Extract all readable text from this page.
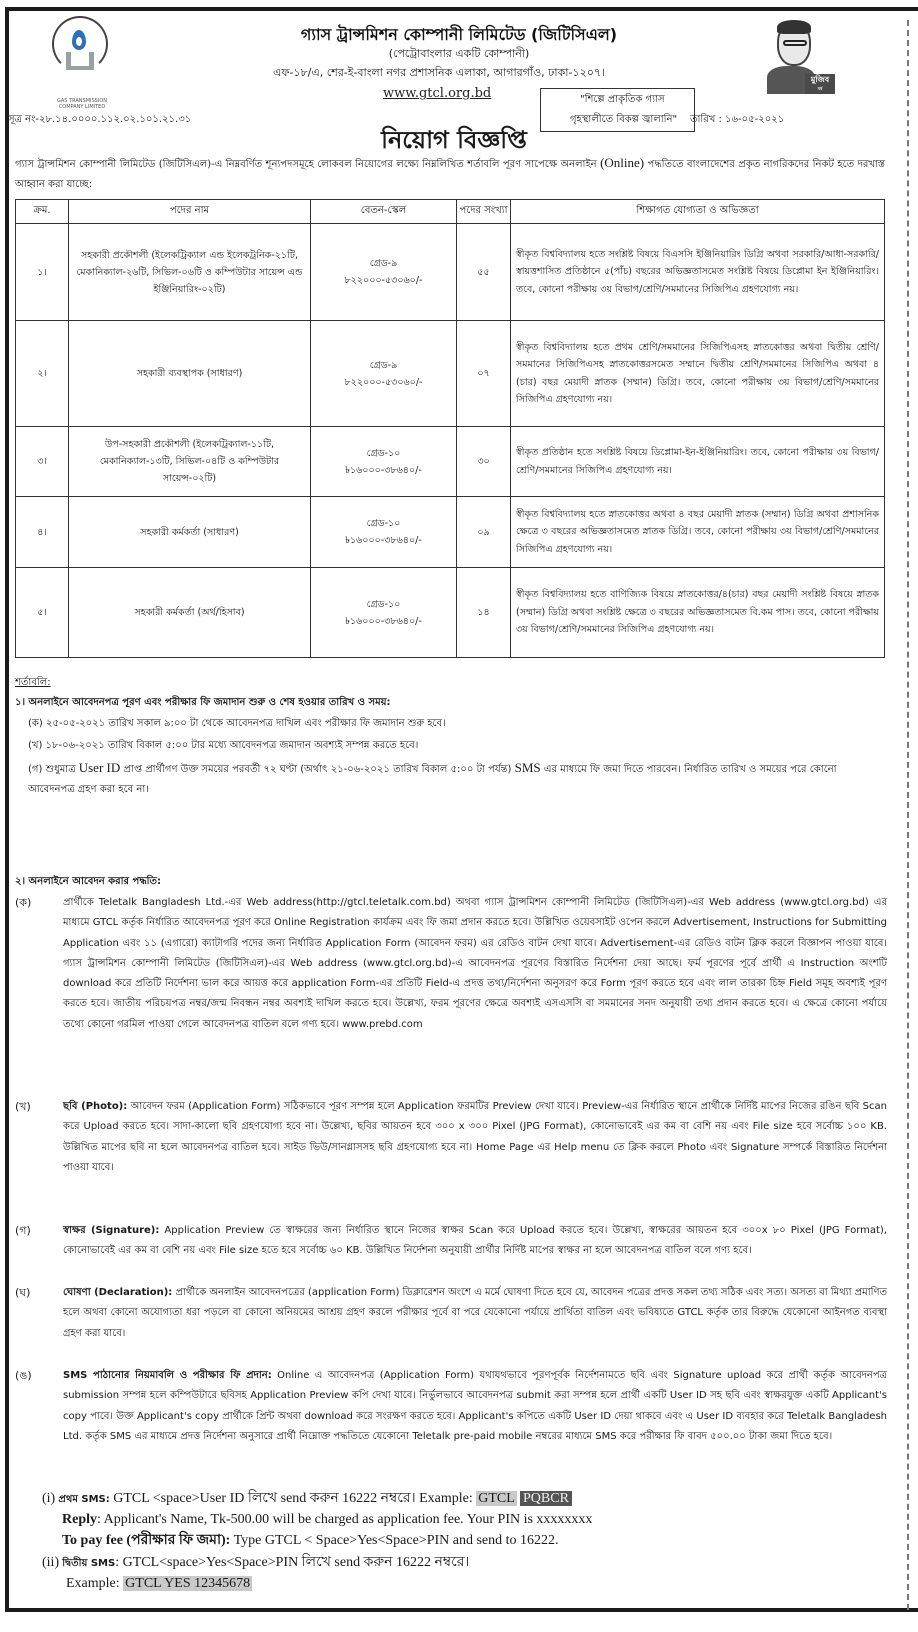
GAS TRANSMISSION
COMPANY LIMITED
গ্যাস ট্রান্সমিশন কোম্পানী লিমিটেড (জিটিসিএল)
(পেট্রোবাংলার একটি কোম্পানী)
এফ-১৮/এ, শের-ই-বাংলা নগর প্রশাসনিক এলাকা, আগারগাঁও, ঢাকা-১২০৭।
www.gtcl.org.bd
মুজিব
বর্ষ
"শিল্পে প্রাকৃতিক গ্যাস
গৃহস্থালীতে বিকল্প জ্বালানি" তারিখ : ১৬-০৫-২০২১
সূত্র নং-২৮.১৪.০০০০.১১২.০২.১০১.২১.৩১
নিয়োগ বিজ্ঞপ্তি
গ্যাস ট্রান্সমিশন কোম্পানী লিমিটেড (জিটিসিএল)-এ নিম্নবর্ণিত শূন্যপদসমূহে লোকবল নিয়োগের লক্ষ্যে নিম্নলিখিত শর্তাবলি পূরণ সাপেক্ষে অনলাইন (Online) পদ্ধতিতে বাংলাদেশের প্রকৃত নাগরিকদের নিকট হতে দরখাস্ত আহ্বান করা যাচ্ছে:
ক্রম.	পদের নাম	বেতন-স্কেল	পদের সংখ্যা	শিক্ষাগত যোগ্যতা ও অভিজ্ঞতা
১।	সহকারী প্রকৌশলী (ইলেকট্রিক্যাল এন্ড ইলেকট্রনিক-২১টি, মেকানিক্যাল-২৬টি, সিভিল-০৬টি ও কম্পিউটার সায়েন্স এন্ড ইঞ্জিনিয়ারিং-০২টি)	গ্রেড-৯
৮২২০০০-৫৩০৬০/-	৫৫	স্বীকৃত বিশ্ববিদ্যালয় হতে সংশ্লিষ্ট বিষয়ে বিএসসি ইঞ্জিনিয়ারিং ডিগ্রি অথবা সরকারি/আধা-সরকারি/স্বায়ত্তশাসিত প্রতিষ্ঠানে ৫(পাঁচ) বছরের অভিজ্ঞতাসমেত সংশ্লিষ্ট বিষয়ে ডিপ্লোমা ইন ইঞ্জিনিয়ারিং। তবে, কোনো পরীক্ষায় ৩য় বিভাগ/শ্রেণি/সমমানের সিজিপিএ গ্রহণযোগ্য নয়।
২।	সহকারী ব্যবস্থাপক (সাধারণ)	গ্রেড-৯
৮২২০০০-৫৩০৬০/-	০৭	স্বীকৃত বিশ্ববিদ্যালয় হতে প্রথম শ্রেণি/সমমানের সিজিপিএসহ স্নাতকোত্তর অথবা দ্বিতীয় শ্রেণি/সমমানের সিজিপিএসহ স্নাতকোত্তরসমেত সম্মানে দ্বিতীয় শ্রেণি/সমমানের সিজিপিএ অথবা ৪ (চার) বছর মেয়াদী স্নাতক (সম্মান) ডিগ্রি। তবে, কোনো পরীক্ষায় ৩য় বিভাগ/শ্রেণি/সমমানের সিজিপিএ গ্রহণযোগ্য নয়।
৩।	উপ-সহকারী প্রকৌশলী (ইলেকট্রিক্যাল-১১টি, মেকানিক্যাল-১৩টি, সিভিল-০৪টি ও কম্পিউটার সায়েন্স-০২টি)	গ্রেড-১০
৳১৬০০০-৩৮৬৪০/-	৩০	স্বীকৃত প্রতিষ্ঠান হতে সংশ্লিষ্ট বিষয়ে ডিপ্লোমা-ইন-ইঞ্জিনিয়ারিং। তবে, কোনো পরীক্ষায় ৩য় বিভাগ/শ্রেণি/সমমানের সিজিপিএ গ্রহণযোগ্য নয়।
৪।	সহকারী কর্মকর্তা (সাধারণ)	গ্রেড-১০
৳১৬০০০-৩৮৬৪০/-	০৯	স্বীকৃত বিশ্ববিদ্যালয় হতে স্নাতকোত্তর অথবা ৪ বছর মেয়াদী স্নাতক (সম্মান) ডিগ্রি অথবা প্রশাসনিক ক্ষেত্রে ৩ বছরের অভিজ্ঞতাসমেত স্নাতক ডিগ্রি। তবে, কোনো পরীক্ষায় ৩য় বিভাগ/শ্রেণি/সমমানের সিজিপিএ গ্রহণযোগ্য নয়।
৫।	সহকারী কর্মকর্তা (অর্থ/হিসাব)	গ্রেড-১০
৳১৬০০০-৩৮৬৪০/-	১৪	স্বীকৃত বিশ্ববিদ্যালয় হতে বাণিজ্যিক বিষয়ে স্নাতকোত্তর/৪(চার) বছর মেয়াদী সংশ্লিষ্ট বিষয়ে স্নাতক (সম্মান) ডিগ্রি অথবা সংশ্লিষ্ট ক্ষেত্রে ৩ বছরের অভিজ্ঞতাসমেত বি.কম পাস। তবে, কোনো পরীক্ষায় ৩য় বিভাগ/শ্রেণি/সমমানের সিজিপিএ গ্রহণযোগ্য নয়।
শর্তাবলি:
১। অনলাইনে আবেদনপত্র পূরণ এবং পরীক্ষার ফি জমাদান শুরু ও শেষ হওয়ার তারিখ ও সময়:
(ক) ২৫-০৫-২০২১ তারিখ সকাল ৯:০০ টা থেকে আবেদনপত্র দাখিল এবং পরীক্ষার ফি জমাদান শুরু হবে।
(খ) ১৮-০৬-২০২১ তারিখ বিকাল ৫:০০ টার মধ্যে আবেদনপত্র জমাদান অবশ্যই সম্পন্ন করতে হবে।
(গ) শুধুমাত্র User ID প্রাপ্ত প্রার্থীগণ উক্ত সময়ের পরবর্তী ৭২ ঘণ্টা (অর্থাৎ ২১-০৬-২০২১ তারিখ বিকাল ৫:০০ টা পর্যন্ত) SMS এর মাধ্যমে ফি জমা দিতে পারবেন। নির্ধারিত তারিখ ও সময়ের পরে কোনো আবেদনপত্র গ্রহণ করা হবে না।
২। অনলাইনে আবেদন করার পদ্ধতি:
(ক)	প্রার্থীকে Teletalk Bangladesh Ltd.-এর Web address(http://gtcl.teletalk.com.bd) অথবা গ্যাস ট্রান্সমিশন কোম্পানী লিমিটেড (জিটিসিএল)-এর Web address (www.gtcl.org.bd) এর মাধ্যমে GTCL কর্তৃক নির্ধারিত আবেদনপত্র পূরণ করে Online Registration কার্যক্রম এবং ফি জমা প্রদান করতে হবে। উল্লিখিত ওয়েবসাইট ওপেন করলে Advertisement, Instructions for Submitting Application এবং ১১ (এগারো) ক্যাটাগরি পদের জন্য নির্ধারিত Application Form (আবেদন ফরম) এর রেডিও বাটন দেখা যাবে। Advertisement-এর রেডিও বাটন ক্লিক করলে বিজ্ঞাপন পাওয়া যাবে। গ্যাস ট্রান্সমিশন কোম্পানী লিমিটেড (জিটিসিএল)-এর Web address (www.gtcl.org.bd)-এ আবেদনপত্র পূরণের বিস্তারিত নির্দেশনা দেয়া আছে। ফর্ম পূরণের পূর্বে প্রার্থী এ Instruction অংশটি download করে প্রতিটি নির্দেশনা ভাল করে আয়ত্ত করে application Form-এর প্রতিটি Field-এ প্রদত্ত তথ্য/নির্দেশনা অনুসরণ করে Form পূরণ করতে হবে এবং লাল তারকা চিহ্ন Field সমূহ অবশ্যই পূরণ করতে হবে। জাতীয় পরিচয়পত্র নম্বর/জন্ম নিবন্ধন নম্বর অবশ্যই দাখিল করতে হবে। উল্লেখ্য, ফরম পূরণের ক্ষেত্রে অবশ্যই এসএসসি বা সমমানের সনদ অনুযায়ী তথ্য প্রদান করতে হবে। এ ক্ষেত্রে কোনো পর্যায়ে তথ্যে কোনো গরমিল পাওয়া গেলে আবেদনপত্র বাতিল বলে গণ্য হবে। www.prebd.com
(খ)	ছবি (Photo): আবেদন ফরম (Application Form) সঠিকভাবে পূরণ সম্পন্ন হলে Application ফরমটির Preview দেখা যাবে। Preview-এর নির্ধারিত স্থানে প্রার্থীকে নির্দিষ্ট মাপের নিজের রঙিন ছবি Scan করে Upload করতে হবে। সাদা-কালো ছবি গ্রহণযোগ্য হবে না। উল্লেখ্য, ছবির আয়তন হবে ৩০০ x ৩০০ Pixel (JPG Format), কোনোভাবেই এর কম বা বেশি নয় এবং File size হবে সর্বোচ্চ ১০০ KB. উল্লিখিত মাপের ছবি না হলে আবেদনপত্র বাতিল হবে। সাইড ভিউ/সানগ্লাসসহ ছবি গ্রহণযোগ্য হবে না। Home Page এর Help menu তে ক্লিক করলে Photo এবং Signature সম্পর্কে বিস্তারিত নির্দেশনা পাওয়া যাবে।
(গ)	স্বাক্ষর (Signature): Application Preview তে স্বাক্ষরের জন্য নির্ধারিত স্থানে নিজের স্বাক্ষর Scan করে Upload করতে হবে। উল্লেখ্য, স্বাক্ষরের আয়তন হবে ৩০০x ৮০ Pixel (JPG Format), কোনোভাবেই এর কম বা বেশি নয় এবং File size হতে হবে সর্বোচ্চ ৬০ KB. উল্লিখিত নির্দেশনা অনুযায়ী প্রার্থীর নির্দিষ্ট মাপের স্বাক্ষর না হলে আবেদনপত্র বাতিল বলে গণ্য হবে।
(ঘ)	ঘোষণা (Declaration): প্রার্থীকে অনলাইন আবেদনপত্রের (application Form) ডিক্লারেশন অংশে এ মর্মে ঘোষণা দিতে হবে যে, আবেদন পত্রের প্রদত্ত সকল তথ্য সঠিক এবং সত্য। অসত্য বা মিথ্যা প্রমাণিত হলে অথবা কোনো অযোগ্যতা ধরা পড়লে বা কোনো অনিয়মের আশ্রয় গ্রহণ করলে পরীক্ষার পূর্বে বা পরে যেকোনো পর্যায়ে প্রার্থিতা বাতিল এবং ভবিষ্যতে GTCL কর্তৃক তার বিরুদ্ধে যেকোনো আইনগত ব্যবস্থা গ্রহণ করা যাবে।
(ঙ)	SMS পাঠানোর নিয়মাবলি ও পরীক্ষার ফি প্রদান: Online এ আবেদনপত্র (Application Form) যথাযথভাবে পূরণপূর্বক নির্দেশনামতে ছবি এবং Signature upload করে প্রার্থী কর্তৃক আবেদনপত্র submission সম্পন্ন হলে কম্পিউটারে ছবিসহ Application Preview কপি দেখা যাবে। নির্ভুলভাবে আবেদনপত্র submit করা সম্পন্ন হলে প্রার্থী একটি User ID সহ ছবি এবং স্বাক্ষরযুক্ত একটি Applicant's copy পাবে। উক্ত Applicant's copy প্রার্থীকে প্রিন্ট অথবা download করে সংরক্ষণ করতে হবে। Applicant's কপিতে একটি User ID দেয়া থাকবে এবং এ User ID ব্যবহার করে Teletalk Bangladesh Ltd. কর্তৃক SMS এর মাধ্যমে প্রদত্ত নির্দেশনা অনুসারে প্রার্থী নিম্নোক্ত পদ্ধতিতে যেকোনো Teletalk pre-paid mobile নম্বরের মাধ্যমে SMS করে পরীক্ষার ফি বাবদ ৫০০.০০ টাকা জমা দিতে হবে।
(i) প্রথম SMS: GTCL <space>User ID লিখে send করুন 16222 নম্বরে। Example: GTCL PQBCR
Reply: Applicant's Name, Tk-500.00 will be charged as application fee. Your PIN is xxxxxxxx
To pay fee (পরীক্ষার ফি জমা): Type GTCL < Space>Yes<Space>PIN and send to 16222.
(ii) দ্বিতীয় SMS: GTCL<space>Yes<Space>PIN লিখে send করুন 16222 নম্বরে।
Example: GTCL YES 12345678
